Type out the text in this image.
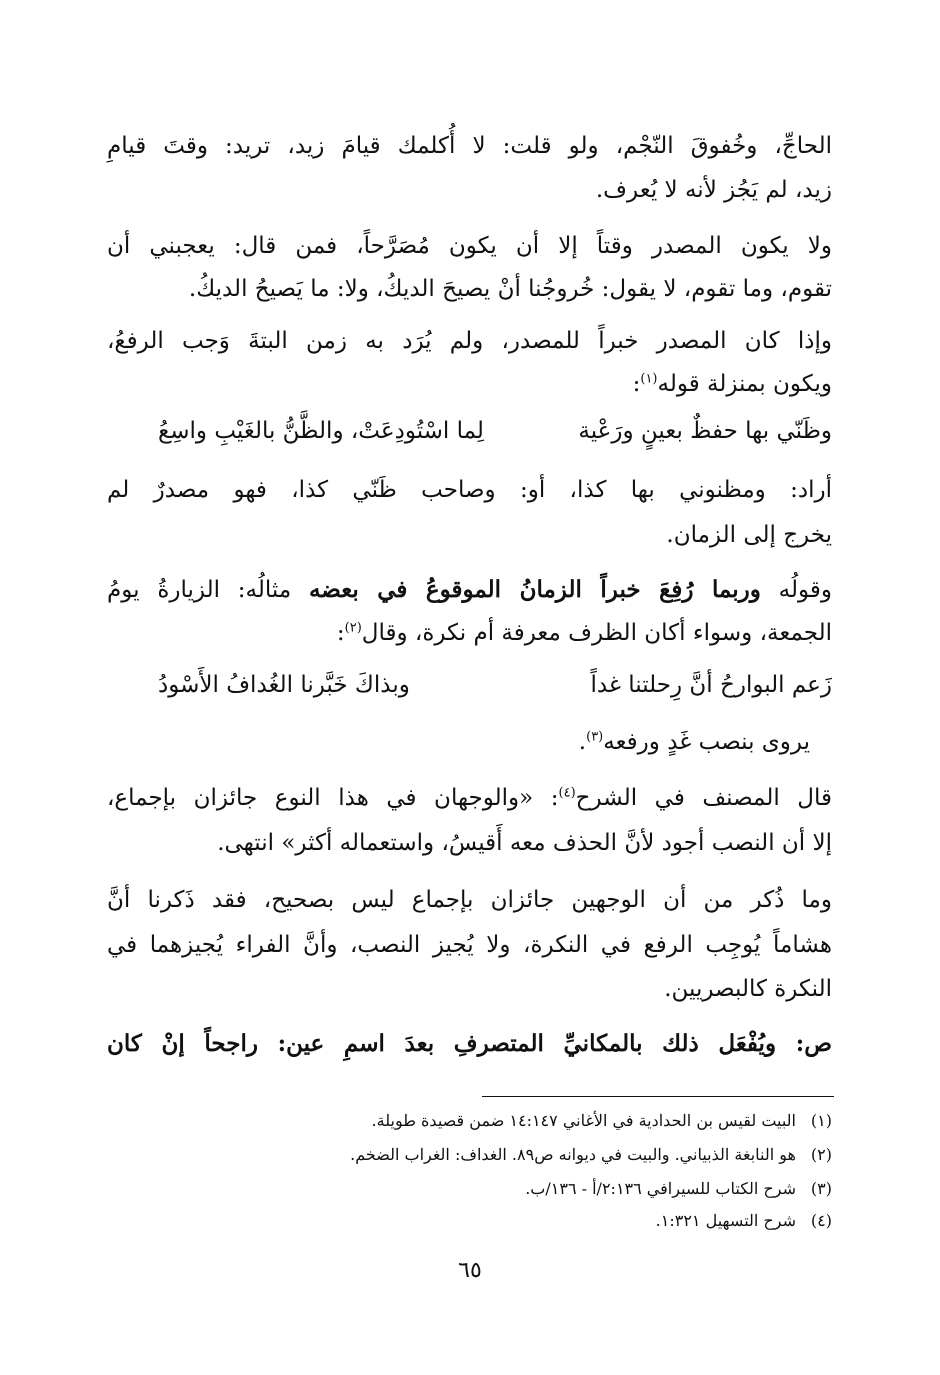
الحاجِّ، وخُفوقَ النّجْم، ولو قلت: لا أُكلمك قيامَ زيد، تريد: وقتَ قيامِ
زيد، لم يَجُز لأنه لا يُعرف.
ولا يكون المصدر وقتاً إلا أن يكون مُصَرَّحاً، فمن قال: يعجبني أن
تقوم، وما تقوم، لا يقول: خُروجُنا أنْ يصيحَ الديكُ، ولا: ما يَصيحُ الديكُ.
وإذا كان المصدر خبراً للمصدر، ولم يُرَد به زمن البتةَ وَجب الرفعُ،
ويكون بمنزلة قوله$^{(١)}$:
وظَنّي بها حفظٌ بعينٍ ورَعْية
لِما اسْتُودِعَتْ، والظَّنُّ بالغَيْبِ واسِعُ
أراد: ومظنوني بها كذا، أو: وصاحب ظَنّي كذا، فهو مصدرٌ لم
يخرج إلى الزمان.
وقولُه وربما رُفِعَ خبراً الزمانُ الموقوعُ في بعضه مثالُه: الزيارةُ يومُ
الجمعة، وسواء أكان الظرف معرفة أم نكرة، وقال$^{(٢)}$:
زَعم البوارحُ أنَّ رِحلتنا غداً
وبذاكَ خَبَّرنا الغُدافُ الأَسْودُ
يروى بنصب غَدٍ ورفعه$^{(٣)}$.
قال المصنف في الشرح$^{(٤)}$: «والوجهان في هذا النوع جائزان بإجماع،
إلا أن النصب أجود لأنَّ الحذف معه أَقيسُ، واستعماله أكثر» انتهى.
وما ذُكر من أن الوجهين جائزان بإجماع ليس بصحيح، فقد ذَكرنا أنَّ
هشاماً يُوجِب الرفع في النكرة، ولا يُجيز النصب، وأنَّ الفراء يُجيزهما في
النكرة كالبصريين.
ص: ويُفْعَل ذلك بالمكانيِّ المتصرفِ بعدَ اسمِ عين: راجحاً إنْ كان
(١)البيت لقيس بن الحدادية في الأغاني ١٤:١٤٧ ضمن قصيدة طويلة.
(٢)هو النابغة الذبياني. والبيت في ديوانه ص٨٩. الغداف: الغراب الضخم.
(٣)شرح الكتاب للسيرافي ٢:١٣٦/أ - ١٣٦/ب.
(٤)شرح التسهيل ١:٣٢١.
٦٥
